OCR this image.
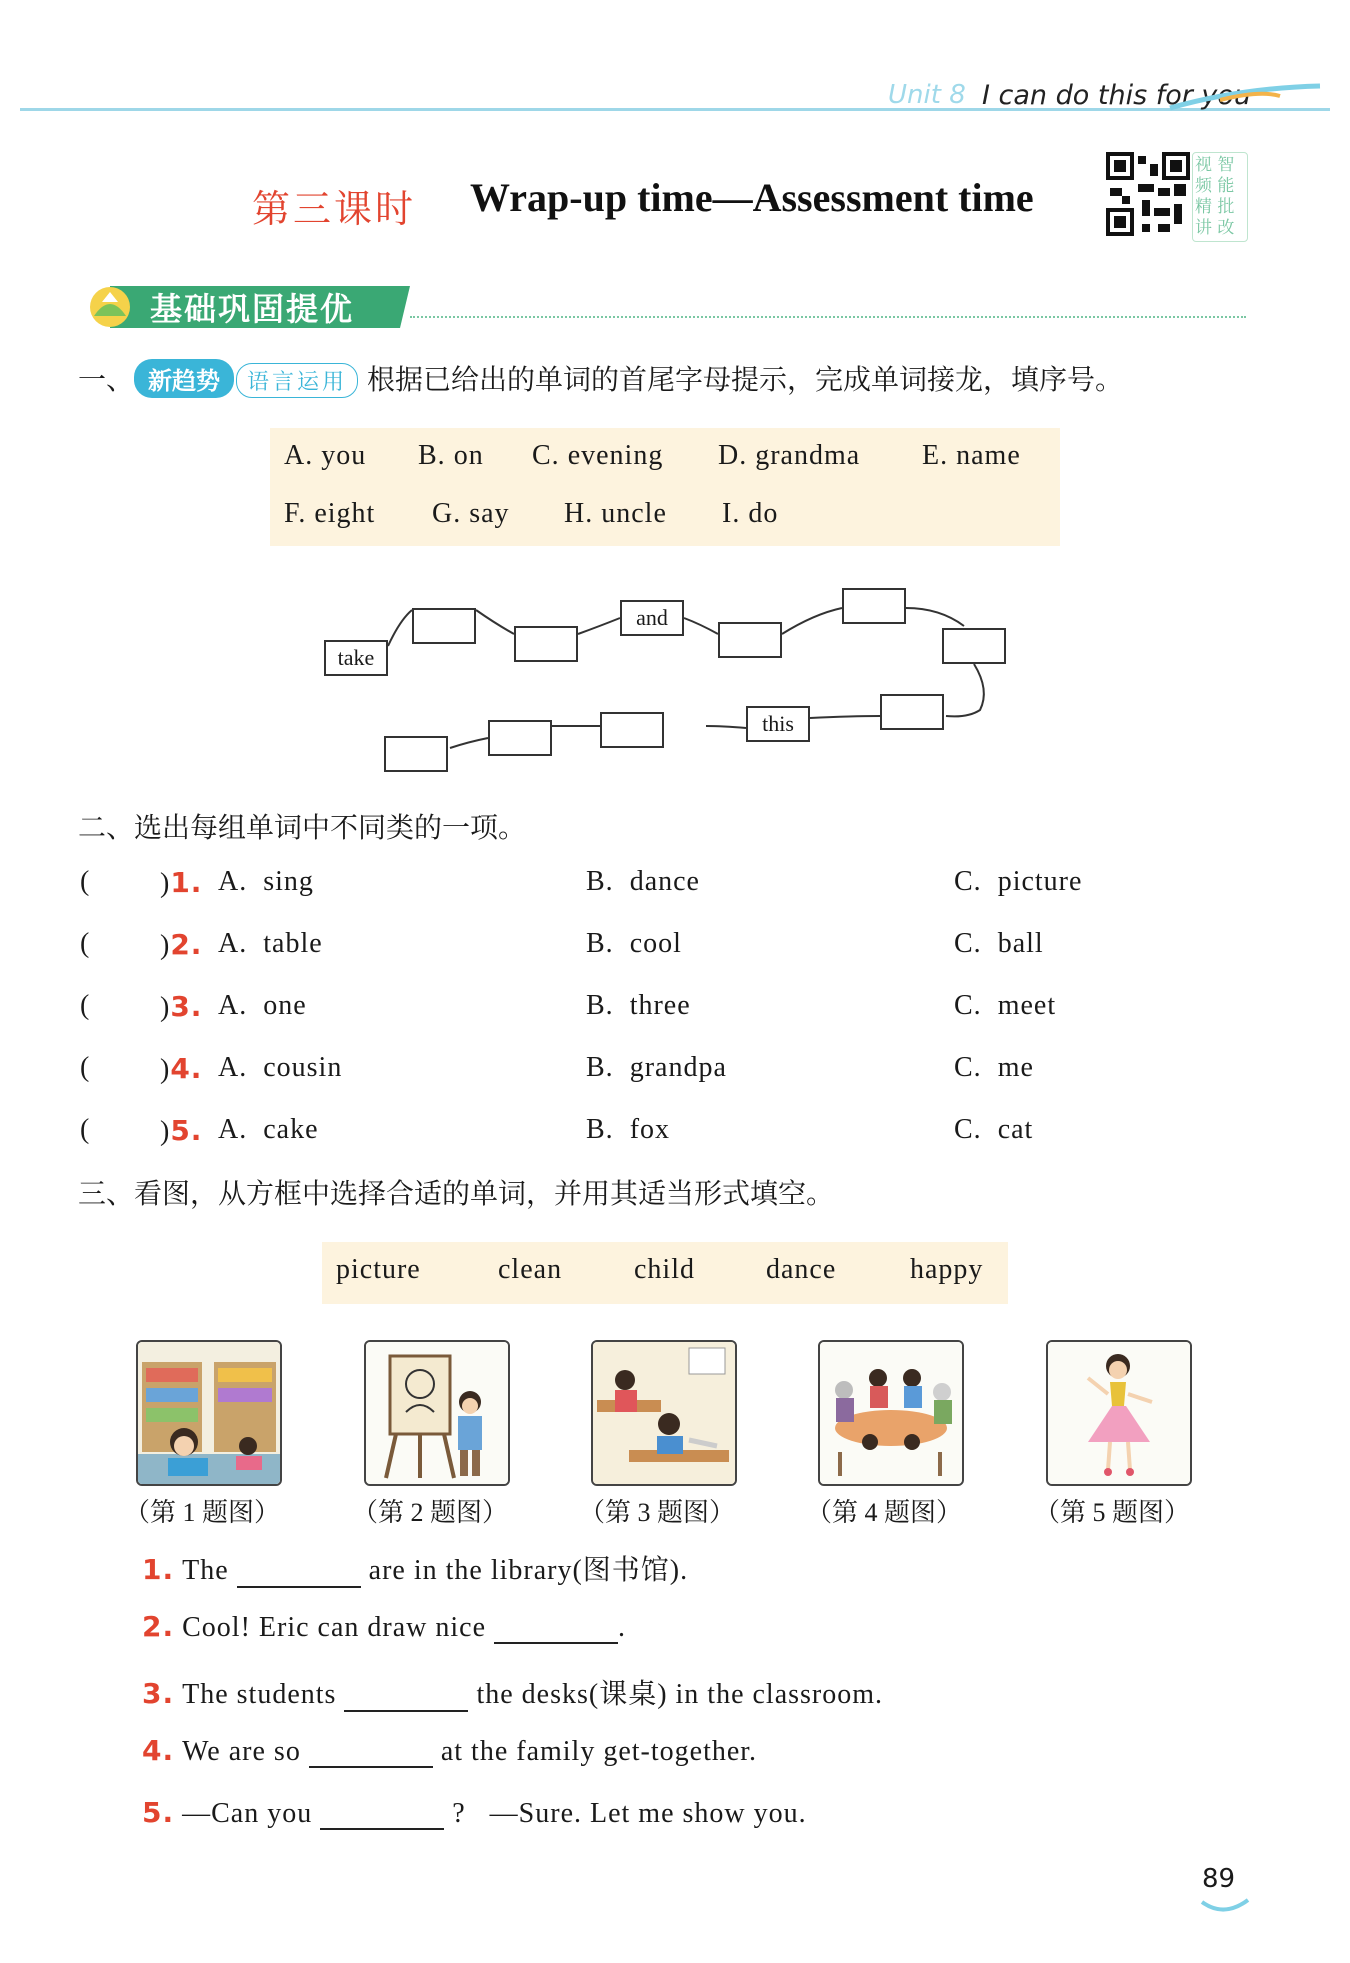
Unit 8 I can do this for you
第三课时 Wrap-up time—Assessment time
视 智
频 能
精 批
讲 改
基础巩固提优
一、 新趋势 语言运用 根据已给出的单词的首尾字母提示，完成单词接龙，填序号。
A. you B. on C. evening D. grandma E. name
F. eight G. say H. uncle I. do
take
and
this
二、选出每组单词中不同类的一项。
( )1. A. sing	B. dance	C. picture
( )2. A. table	B. cool	C. ball
( )3. A. one	B. three	C. meet
( )4. A. cousin	B. grandpa	C. me
( )5. A. cake	B. fox	C. cat
三、看图，从方框中选择合适的单词，并用其适当形式填空。
picture	clean	child	dance	happy
（第 1 题图）	（第 2 题图）	（第 3 题图）	（第 4 题图）	（第 5 题图）
1. The	are in the library(图书馆).
2. Cool! Eric can draw nice	.
3. The students	the desks(课桌) in the classroom.
4. We are so	at the family get-together.
5. —Can you	? —Sure. Let me show you.
89
